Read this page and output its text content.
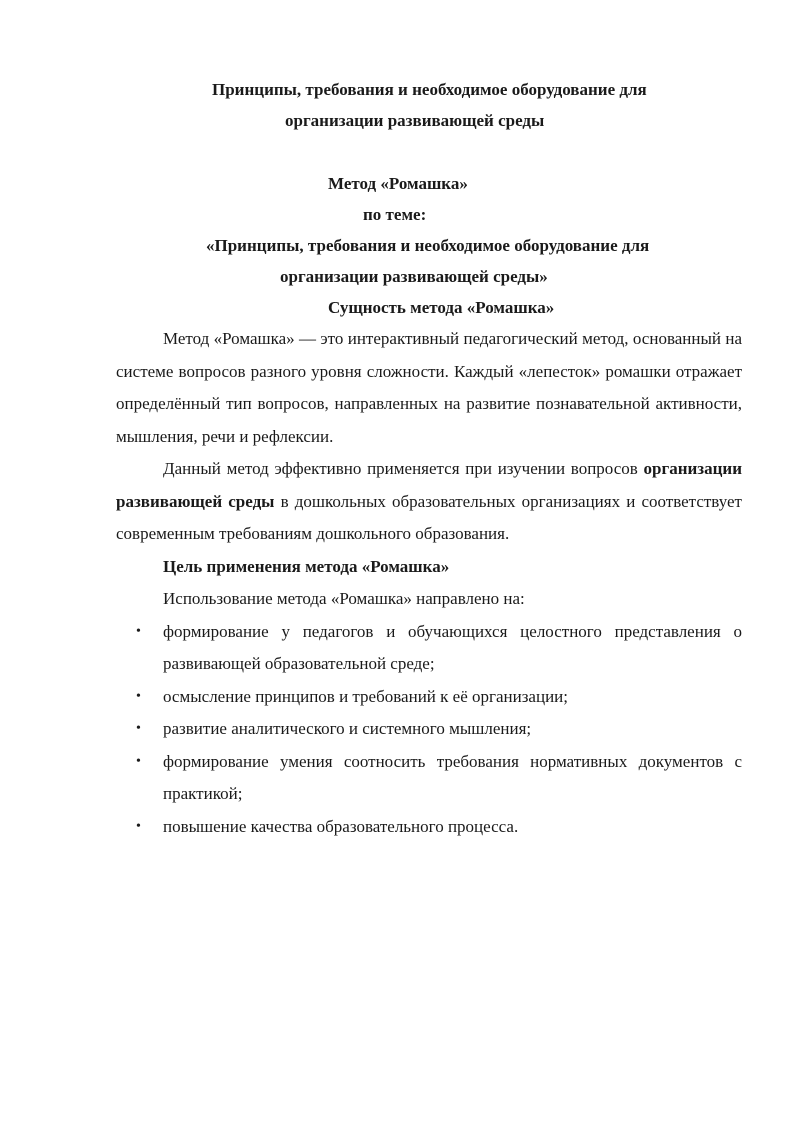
Принципы, требования и необходимое оборудование для

организации развивающей среды

Метод «Ромашка»

по теме:

«Принципы, требования и необходимое оборудование для

организации развивающей среды»

Сущность метода «Ромашка»

Метод «Ромашка» — это интерактивный педагогический метод, основанный на системе вопросов разного уровня сложности. Каждый «лепесток» ромашки отражает определённый тип вопросов, направленных на развитие познавательной активности, мышления, речи и рефлексии.

Данный метод эффективно применяется при изучении вопросов организации развивающей среды в дошкольных образовательных организациях и соответствует современным требованиям дошкольного образования.

Цель применения метода «Ромашка»

Использование метода «Ромашка» направлено на:

• формирование у педагогов и обучающихся целостного представления о развивающей образовательной среде;
• осмысление принципов и требований к её организации;
• развитие аналитического и системного мышления;
• формирование умения соотносить требования нормативных документов с практикой;
• повышение качества образовательного процесса.
